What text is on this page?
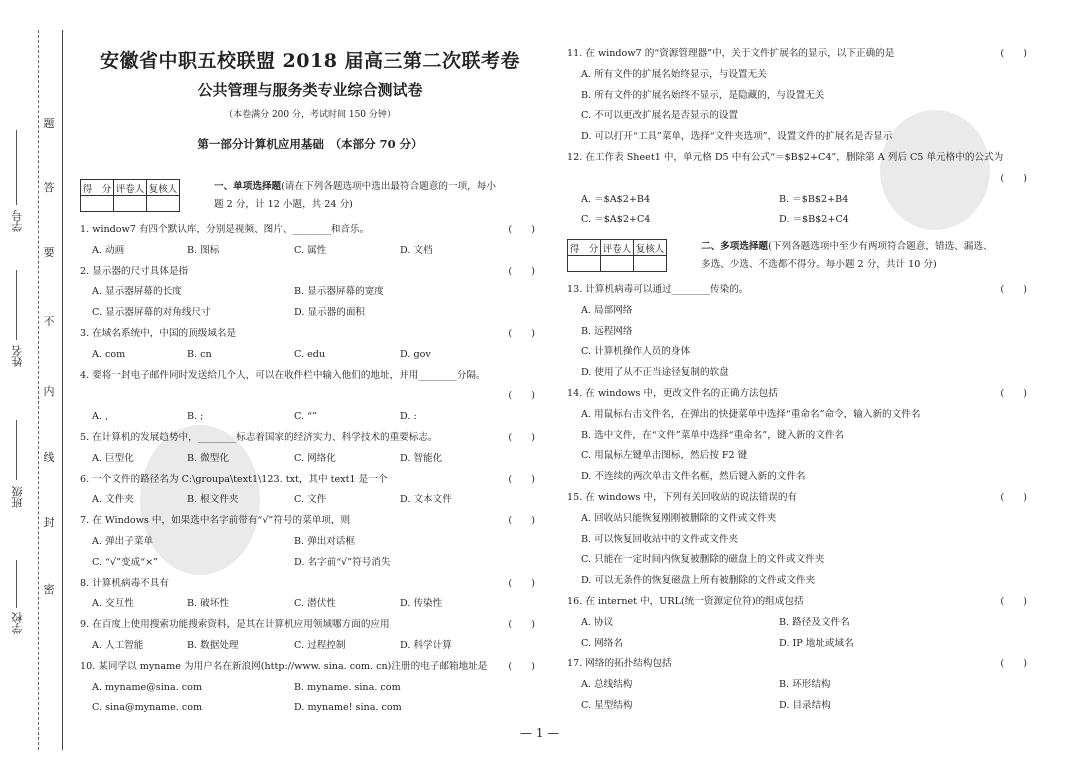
学校
班级
姓名
学号
题
答
要
不
内
线
封
密
安徽省中职五校联盟 2018 届高三第二次联考卷
公共管理与服务类专业综合测试卷
（本卷满分 200 分，考试时间 150 分钟）
第一部分计算机应用基础　（本部分 70 分）
得　分	评卷人	复核人
			一、单项选择题(请在下列各题选项中选出最符合题意的一项，每小
题 2 分，计 12 小题，共 24 分)
1. window7 有四个默认库，分别是视频、图片、________和音乐。	(　　)
A. 动画	B. 图标	C. 属性	D. 文档
2. 显示器的尺寸具体是指	(　　)
A. 显示器屏幕的长度	B. 显示器屏幕的宽度
C. 显示器屏幕的对角线尺寸	D. 显示器的面积
3. 在域名系统中，中国的顶级域名是	(　　)
A. com	B. cn	C. edu	D. gov
4. 要将一封电子邮件同时发送给几个人，可以在收件栏中输入他们的地址，并用________分隔。
(　　)
A. ,	B. ;	C. “”	D. :
5. 在计算机的发展趋势中，________标志着国家的经济实力、科学技术的重要标志。	(　　)
A. 巨型化	B. 微型化	C. 网络化	D. 智能化
6. 一个文件的路径名为 C:\groupa\text1\123. txt，其中 text1 是一个	(　　)
A. 文件夹	B. 根文件夹	C. 文件	D. 文本文件
7. 在 Windows 中，如果选中名字前带有“√”符号的菜单项，则	(　　)
A. 弹出子菜单	B. 弹出对话框
C. “√”变成“×”	D. 名字前“√”符号消失
8. 计算机病毒不具有	(　　)
A. 交互性	B. 破坏性	C. 潜伏性	D. 传染性
9. 在百度上使用搜索功能搜索资料，是其在计算机应用领域哪方面的应用	(　　)
A. 人工智能	B. 数据处理	C. 过程控制	D. 科学计算
10. 某同学以 myname 为用户名在新浪网(http://www. sina. com. cn)注册的电子邮箱地址是 (　　)
A. myname@sina. com	B. myname. sina. com
C. sina@myname. com	D. myname! sina. com
11. 在 window7 的“资源管理器”中，关于文件扩展名的显示，以下正确的是	(　　)
A. 所有文件的扩展名始终显示，与设置无关
B. 所有文件的扩展名始终不显示，是隐藏的，与设置无关
C. 不可以更改扩展名是否显示的设置
D. 可以打开“工具”菜单，选择“文件夹选项”，设置文件的扩展名是否显示
12. 在工作表 Sheet1 中，单元格 D5 中有公式“＝$B$2+C4”，删除第 A 列后 C5 单元格中的公式为
(　　)
A. ＝$A$2+B4	B. ＝$B$2+B4
C. ＝$A$2+C4	D. ＝$B$2+C4
得　分	评卷人	复核人
			二、多项选择题(下列各题选项中至少有两项符合题意，错选、漏选、
多选、少选、不选都不得分。每小题 2 分，共计 10 分)
13. 计算机病毒可以通过________传染的。	(　　)
A. 局部网络
B. 远程网络
C. 计算机操作人员的身体
D. 使用了从不正当途径复制的软盘
14. 在 windows 中，更改文件名的正确方法包括	(　　)
A. 用鼠标右击文件名，在弹出的快捷菜单中选择“重命名”命令，输入新的文件名
B. 选中文件，在“文件”菜单中选择“重命名”，键入新的文件名
C. 用鼠标左键单击图标，然后按 F2 键
D. 不连续的两次单击文件名框，然后键入新的文件名
15. 在 windows 中，下列有关回收站的说法错误的有	(　　)
A. 回收站只能恢复刚刚被删除的文件或文件夹
B. 可以恢复回收站中的文件或文件夹
C. 只能在一定时间内恢复被删除的磁盘上的文件或文件夹
D. 可以无条件的恢复磁盘上所有被删除的文件或文件夹
16. 在 internet 中，URL(统一资源定位符)的组成包括	(　　)
A. 协议	B. 路径及文件名
C. 网络名	D. IP 地址或域名
17. 网络的拓扑结构包括	(　　)
A. 总线结构	B. 环形结构
C. 星型结构	D. 目录结构
— 1 —
